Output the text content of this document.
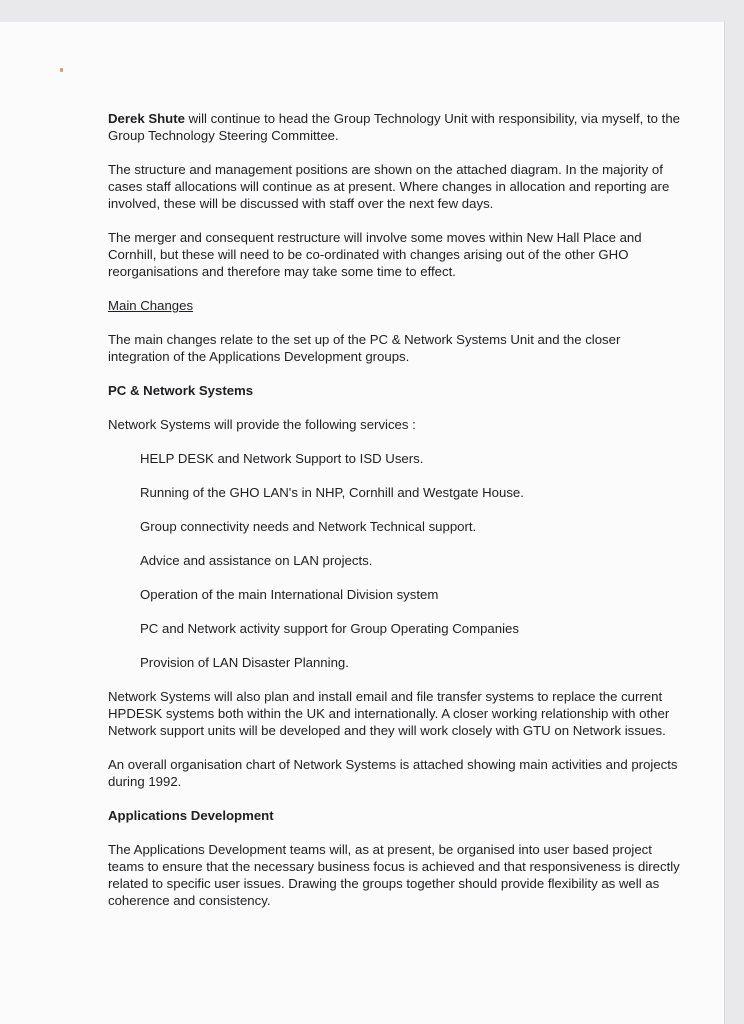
Derek Shute will continue to head the Group Technology Unit with responsibility, via myself, to the Group Technology Steering Committee.

The structure and management positions are shown on the attached diagram. In the majority of cases staff allocations will continue as at present. Where changes in allocation and reporting are involved, these will be discussed with staff over the next few days.

The merger and consequent restructure will involve some moves within New Hall Place and Cornhill, but these will need to be co-ordinated with changes arising out of the other GHO reorganisations and therefore may take some time to effect.

Main Changes

The main changes relate to the set up of the PC & Network Systems Unit and the closer integration of the Applications Development groups.

PC & Network Systems

Network Systems will provide the following services :

HELP DESK and Network Support to ISD Users.
Running of the GHO LAN's in NHP, Cornhill and Westgate House.
Group connectivity needs and Network Technical support.
Advice and assistance on LAN projects.
Operation of the main International Division system
PC and Network activity support for Group Operating Companies
Provision of LAN Disaster Planning.

Network Systems will also plan and install email and file transfer systems to replace the current HPDESK systems both within the UK and internationally. A closer working relationship with other Network support units will be developed and they will work closely with GTU on Network issues.

An overall organisation chart of Network Systems is attached showing main activities and projects during 1992.

Applications Development

The Applications Development teams will, as at present, be organised into user based project teams to ensure that the necessary business focus is achieved and that responsiveness is directly related to specific user issues. Drawing the groups together should provide flexibility as well as coherence and consistency.
